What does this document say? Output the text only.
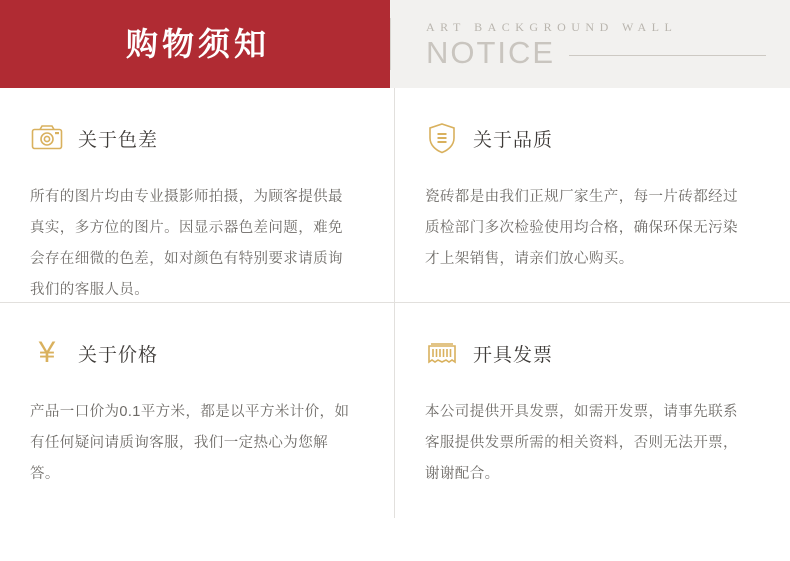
购物须知	ART BACKGROUND WALL
NOTICE
关于色差
所有的图片均由专业摄影师拍摄，为顾客提供最真实，多方位的图片。因显示器色差问题，难免会存在细微的色差，如对颜色有特别要求请质询我们的客服人员。
关于品质
瓷砖都是由我们正规厂家生产，每一片砖都经过质检部门多次检验使用均合格，确保环保无污染才上架销售，请亲们放心购买。
¥	关于价格
产品一口价为0.1平方米，都是以平方米计价，如有任何疑问请质询客服，我们一定热心为您解答。
开具发票
本公司提供开具发票，如需开发票，请事先联系客服提供发票所需的相关资料，否则无法开票，谢谢配合。
